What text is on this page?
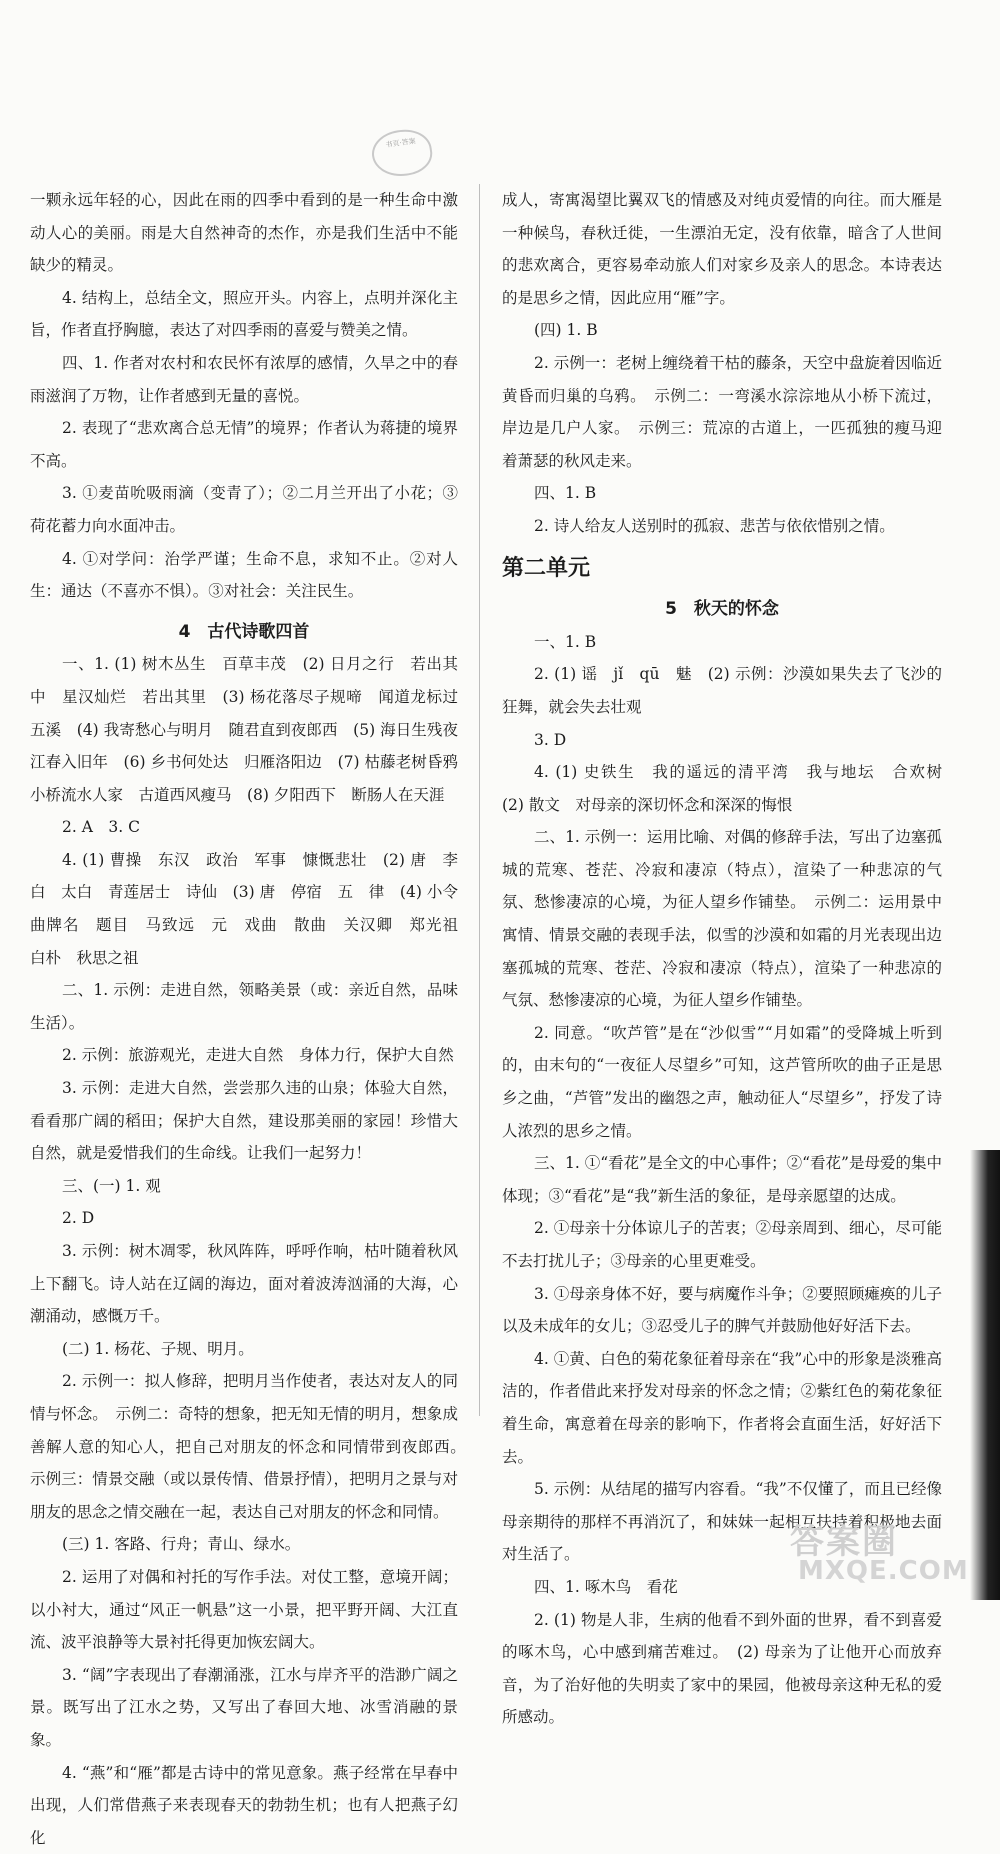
书页·答案

一颗永远年轻的心，因此在雨的四季中看到的是一种生命中激动人心的美丽。雨是大自然神奇的杰作，亦是我们生活中不能缺少的精灵。

4. 结构上，总结全文，照应开头。内容上，点明并深化主旨，作者直抒胸臆，表达了对四季雨的喜爱与赞美之情。

四、1. 作者对农村和农民怀有浓厚的感情，久旱之中的春雨滋润了万物，让作者感到无量的喜悦。

2. 表现了“悲欢离合总无情”的境界；作者认为蒋捷的境界不高。

3. ①麦苗吮吸雨滴（变青了）；②二月兰开出了小花；③荷花蓄力向水面冲击。

4. ①对学问：治学严谨；生命不息，求知不止。②对人生：通达（不喜亦不惧）。③对社会：关注民生。

4　古代诗歌四首

一、1. (1) 树木丛生　百草丰茂　(2) 日月之行　若出其中　星汉灿烂　若出其里　(3) 杨花落尽子规啼　闻道龙标过五溪　(4) 我寄愁心与明月　随君直到夜郎西　(5) 海日生残夜　江春入旧年　(6) 乡书何处达　归雁洛阳边　(7) 枯藤老树昏鸦　小桥流水人家　古道西风瘦马　(8) 夕阳西下　断肠人在天涯

2. A　3. C

4. (1) 曹操　东汉　政治　军事　慷慨悲壮　(2) 唐　李白　太白　青莲居士　诗仙　(3) 唐　停宿　五　律　(4) 小令　曲牌名　题目　马致远　元　戏曲　散曲　关汉卿　郑光祖　白朴　秋思之祖

二、1. 示例：走进自然，领略美景（或：亲近自然，品味生活）。

2. 示例：旅游观光，走进大自然　身体力行，保护大自然

3. 示例：走进大自然，尝尝那久违的山泉；体验大自然，看看那广阔的稻田；保护大自然，建设那美丽的家园！珍惜大自然，就是爱惜我们的生命线。让我们一起努力！

三、(一) 1. 观

2. D

3. 示例：树木凋零，秋风阵阵，呼呼作响，枯叶随着秋风上下翻飞。诗人站在辽阔的海边，面对着波涛汹涌的大海，心潮涌动，感慨万千。

(二) 1. 杨花、子规、明月。

2. 示例一：拟人修辞，把明月当作使者，表达对友人的同情与怀念。　示例二：奇特的想象，把无知无情的明月，想象成善解人意的知心人，把自己对朋友的怀念和同情带到夜郎西。　示例三：情景交融（或以景传情、借景抒情），把明月之景与对朋友的思念之情交融在一起，表达自己对朋友的怀念和同情。

(三) 1. 客路、行舟；青山、绿水。

2. 运用了对偶和衬托的写作手法。对仗工整，意境开阔；以小衬大，通过“风正一帆悬”这一小景，把平野开阔、大江直流、波平浪静等大景衬托得更加恢宏阔大。

3. “阔”字表现出了春潮涌涨，江水与岸齐平的浩渺广阔之景。既写出了江水之势，又写出了春回大地、冰雪消融的景象。

4. “燕”和“雁”都是古诗中的常见意象。燕子经常在早春中出现，人们常借燕子来表现春天的勃勃生机；也有人把燕子幻化

成人，寄寓渴望比翼双飞的情感及对纯贞爱情的向往。而大雁是一种候鸟，春秋迁徙，一生漂泊无定，没有依靠，暗含了人世间的悲欢离合，更容易牵动旅人们对家乡及亲人的思念。本诗表达的是思乡之情，因此应用“雁”字。

(四) 1. B

2. 示例一：老树上缠绕着干枯的藤条，天空中盘旋着因临近黄昏而归巢的乌鸦。　示例二：一弯溪水淙淙地从小桥下流过，岸边是几户人家。　示例三：荒凉的古道上，一匹孤独的瘦马迎着萧瑟的秋风走来。

四、1. B

2. 诗人给友人送别时的孤寂、悲苦与依依惜别之情。

第二单元
5　秋天的怀念

一、1. B

2. (1) 谣　jǐ　qū　魅　(2) 示例：沙漠如果失去了飞沙的狂舞，就会失去壮观

3. D

4. (1) 史铁生　我的遥远的清平湾　我与地坛　合欢树　(2) 散文　对母亲的深切怀念和深深的悔恨

二、1. 示例一：运用比喻、对偶的修辞手法，写出了边塞孤城的荒寒、苍茫、冷寂和凄凉（特点），渲染了一种悲凉的气氛、愁惨凄凉的心境，为征人望乡作铺垫。　示例二：运用景中寓情、情景交融的表现手法，似雪的沙漠和如霜的月光表现出边塞孤城的荒寒、苍茫、冷寂和凄凉（特点），渲染了一种悲凉的气氛、愁惨凄凉的心境，为征人望乡作铺垫。

2. 同意。“吹芦管”是在“沙似雪”“月如霜”的受降城上听到的，由末句的“一夜征人尽望乡”可知，这芦管所吹的曲子正是思乡之曲，“芦管”发出的幽怨之声，触动征人“尽望乡”，抒发了诗人浓烈的思乡之情。

三、1. ①“看花”是全文的中心事件；②“看花”是母爱的集中体现；③“看花”是“我”新生活的象征，是母亲愿望的达成。

2. ①母亲十分体谅儿子的苦衷；②母亲周到、细心，尽可能不去打扰儿子；③母亲的心里更难受。

3. ①母亲身体不好，要与病魔作斗争；②要照顾瘫痪的儿子以及未成年的女儿；③忍受儿子的脾气并鼓励他好好活下去。

4. ①黄、白色的菊花象征着母亲在“我”心中的形象是淡雅高洁的，作者借此来抒发对母亲的怀念之情；②紫红色的菊花象征着生命，寓意着在母亲的影响下，作者将会直面生活，好好活下去。

5. 示例：从结尾的描写内容看。“我”不仅懂了，而且已经像母亲期待的那样不再消沉了，和妹妹一起相互扶持着积极地去面对生活了。

四、1. 啄木鸟　看花

2. (1) 物是人非，生病的他看不到外面的世界，看不到喜爱的啄木鸟，心中感到痛苦难过。　(2) 母亲为了让他开心而放弃音，为了治好他的失明卖了家中的果园，他被母亲这种无私的爱所感动。

答案圈
MXQE.COM
